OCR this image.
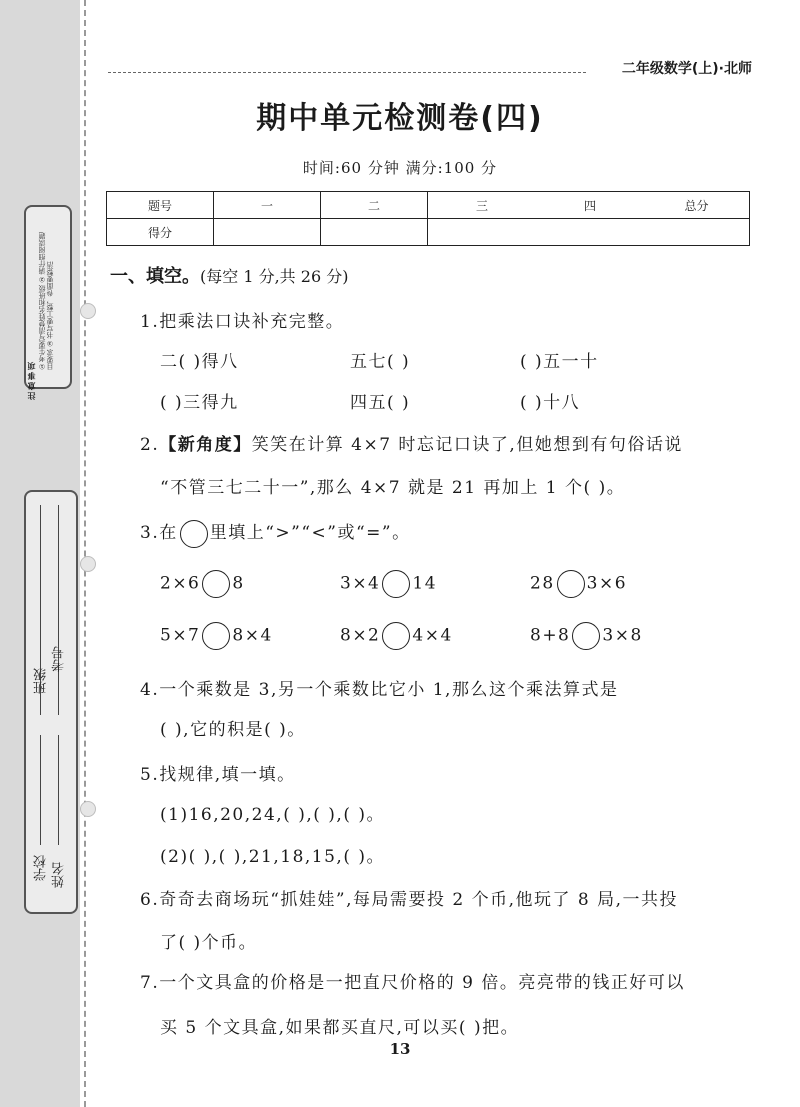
注意事项
①考生要写清楚姓名和班级 ②请仔细阅读题目要求 ③书写要工整，卷面要整洁
班级
考号
学校 姓名
二年级数学(上)·北师
期中单元检测卷(四)
时间:60 分钟 满分:100 分
题号	一	二	三	四	总分
得分					
一、填空。(每空 1 分,共 26 分)
1.把乘法口诀补充完整。
二( )得八	五七( )	( )五一十
( )三得九	四五( )	( )十八
2.【新角度】笑笑在计算 4×7 时忘记口诀了,但她想到有句俗话说
“不管三七二十一”,那么 4×7 就是 21 再加上 1 个( )。
3.在 里填上“>”“<”或“=”。
2×6 8	3×4 14	28 3×6
5×7 8×4	8×2 4×4	8+8 3×8
4.一个乘数是 3,另一个乘数比它小 1,那么这个乘法算式是
( ),它的积是( )。
5.找规律,填一填。
(1)16,20,24,( ),( ),( )。
(2)( ),( ),21,18,15,( )。
6.奇奇去商场玩“抓娃娃”,每局需要投 2 个币,他玩了 8 局,一共投
了( )个币。
7.一个文具盒的价格是一把直尺价格的 9 倍。亮亮带的钱正好可以
买 5 个文具盒,如果都买直尺,可以买( )把。
13
